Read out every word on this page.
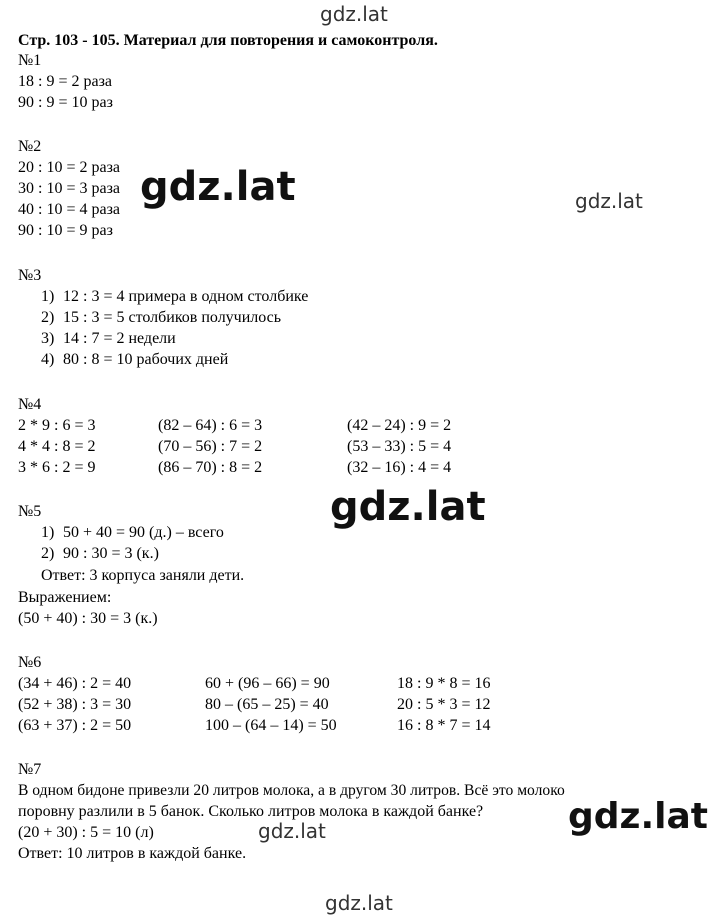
gdz.lat
Стр. 103 - 105. Материал для повторения и самоконтроля.
№1
18 : 9 = 2 раза
90 : 9 = 10 раз
№2
20 : 10 = 2 раза
30 : 10 = 3 раза
40 : 10 = 4 раза
90 : 10 = 9 раз
gdz.lat	gdz.lat
№3
1) 12 : 3 = 4 примера в одном столбике
2) 15 : 3 = 5 столбиков получилось
3) 14 : 7 = 2 недели
4) 80 : 8 = 10 рабочих дней
№4
2 * 9 : 6 = 3
4 * 4 : 8 = 2
3 * 6 : 2 = 9
(82 – 64) : 6 = 3
(70 – 56) : 7 = 2
(86 – 70) : 8 = 2
(42 – 24) : 9 = 2
(53 – 33) : 5 = 4
(32 – 16) : 4 = 4
gdz.lat
№5
1) 50 + 40 = 90 (д.) – всего
2) 90 : 30 = 3 (к.)
Ответ: 3 корпуса заняли дети.
Выражением:
(50 + 40) : 30 = 3 (к.)
№6
(34 + 46) : 2 = 40
(52 + 38) : 3 = 30
(63 + 37) : 2 = 50
60 + (96 – 66) = 90
80 – (65 – 25) = 40
100 – (64 – 14) = 50
18 : 9 * 8 = 16
20 : 5 * 3 = 12
16 : 8 * 7 = 14
№7
В одном бидоне привезли 20 литров молока, а в другом 30 литров. Всё это молоко
поровну разлили в 5 банок. Сколько литров молока в каждой банке?
(20 + 30) : 5 = 10 (л)
Ответ: 10 литров в каждой банке.
gdz.lat
gdz.lat
gdz.lat
